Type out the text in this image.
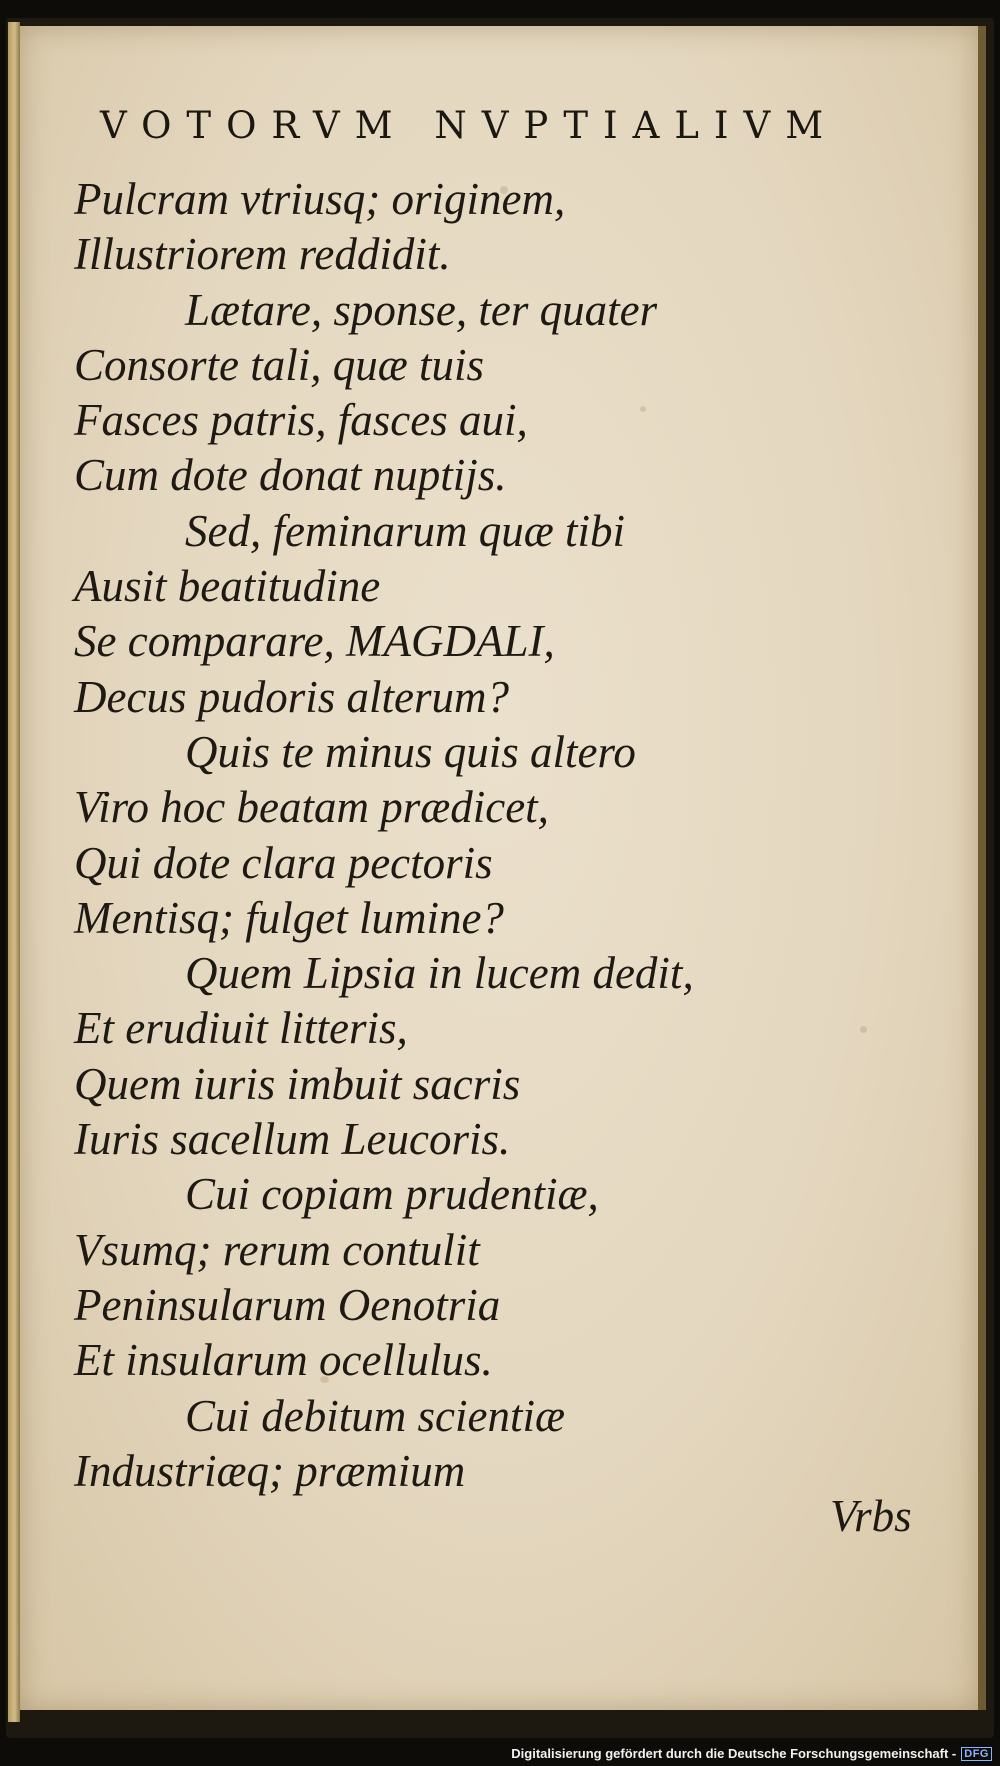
VOTORVM NVPTIALIVM
Pulcram vtriusq; originem,
Illustriorem reddidit.
Lætare, sponse, ter quater
Consorte tali, quæ tuis
Fasces patris, fasces aui,
Cum dote donat nuptijs.
Sed, feminarum quæ tibi
Ausit beatitudine
Se comparare, MAGDALI,
Decus pudoris alterum?
Quis te minus quis altero
Viro hoc beatam prædicet,
Qui dote clara pectoris
Mentisq; fulget lumine?
Quem Lipsia in lucem dedit,
Et erudiuit litteris,
Quem iuris imbuit sacris
Iuris sacellum Leucoris.
Cui copiam prudentiæ,
Vsumq; rerum contulit
Peninsularum Oenotria
Et insularum ocellulus.
Cui debitum scientiæ
Industriæq; præmium
Vrbs
Digitalisierung gefördert durch die Deutsche Forschungsgemeinschaft - DFG
